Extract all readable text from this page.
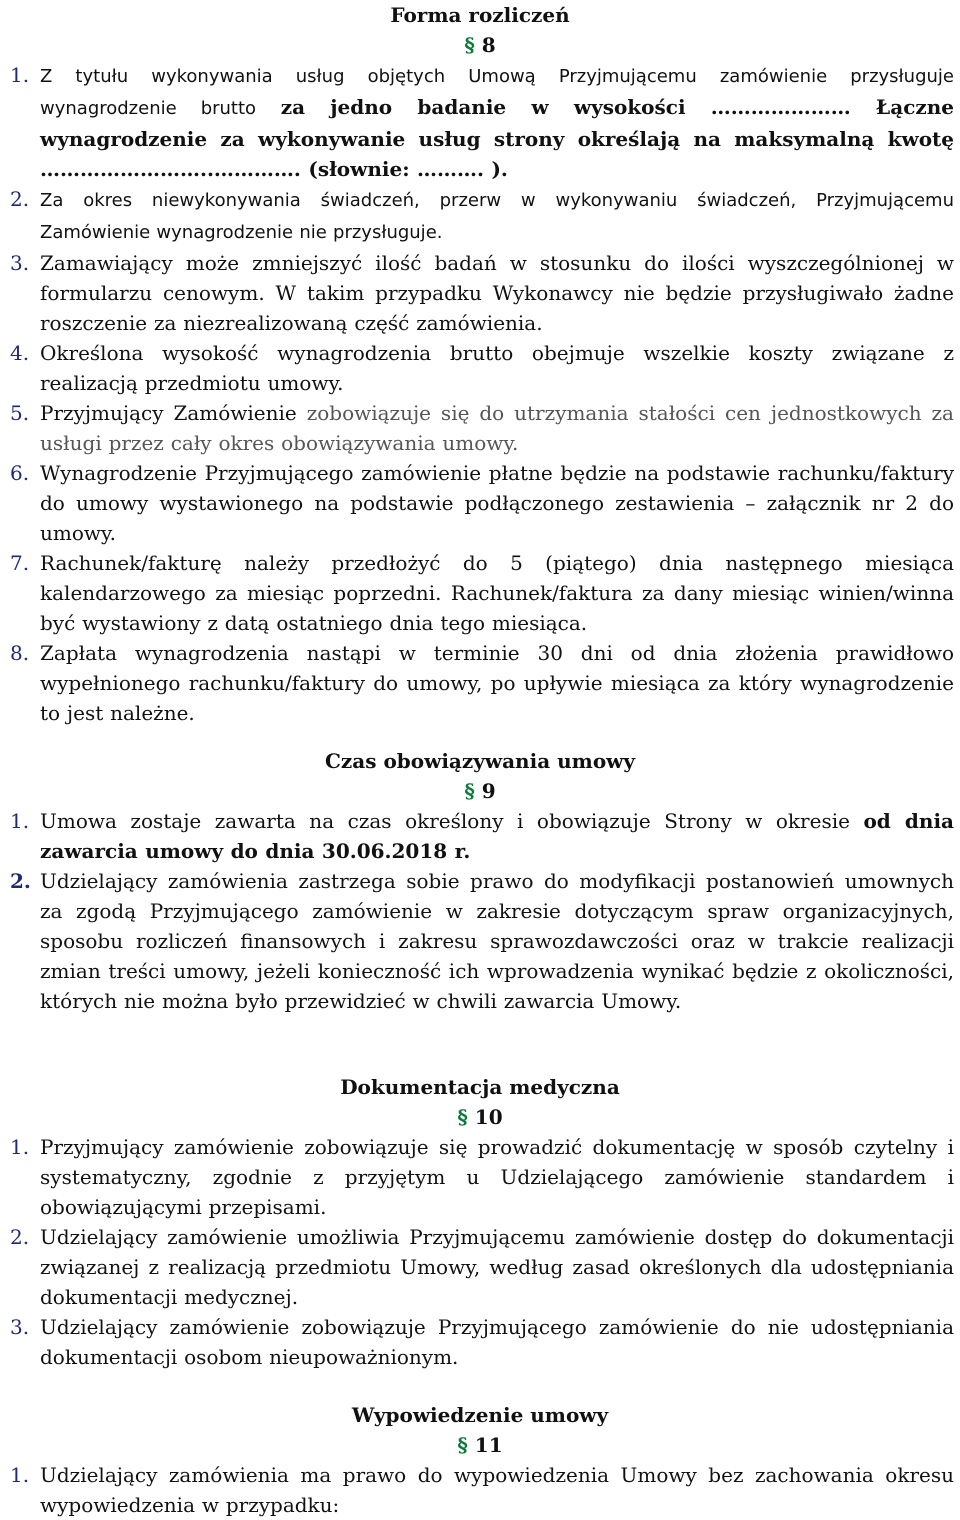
Forma rozliczeń

§ 8

1. Z tytułu wykonywania usług objętych Umową Przyjmującemu zamówienie przysługuje wynagrodzenie brutto za jedno badanie w wysokości ………………… Łączne wynagrodzenie za wykonywanie usług strony określają na maksymalną kwotę ……………………..…………. (słownie: ………. ).
2. Za okres niewykonywania świadczeń, przerw w wykonywaniu świadczeń, Przyjmującemu Zamówienie wynagrodzenie nie przysługuje.
3. Zamawiający może zmniejszyć ilość badań w stosunku do ilości wyszczególnionej w formularzu cenowym. W takim przypadku Wykonawcy nie będzie przysługiwało żadne roszczenie za niezrealizowaną część zamówienia.
4. Określona wysokość wynagrodzenia brutto obejmuje wszelkie koszty związane z realizacją przedmiotu umowy.
5. Przyjmujący Zamówienie zobowiązuje się do utrzymania stałości cen jednostkowych za usługi przez cały okres obowiązywania umowy.
6. Wynagrodzenie Przyjmującego zamówienie płatne będzie na podstawie rachunku/faktury do umowy wystawionego na podstawie podłączonego zestawienia – załącznik nr 2 do umowy.
7. Rachunek/fakturę należy przedłożyć do 5 (piątego) dnia następnego miesiąca kalendarzowego za miesiąc poprzedni. Rachunek/faktura za dany miesiąc winien/winna być wystawiony z datą ostatniego dnia tego miesiąca.
8. Zapłata wynagrodzenia nastąpi w terminie 30 dni od dnia złożenia prawidłowo wypełnionego rachunku/faktury do umowy, po upływie miesiąca za który wynagrodzenie to jest należne.
Czas obowiązywania umowy

§ 9

1. Umowa zostaje zawarta na czas określony i obowiązuje Strony w okresie od dnia zawarcia umowy do dnia 30.06.2018 r.
2. Udzielający zamówienia zastrzega sobie prawo do modyfikacji postanowień umownych za zgodą Przyjmującego zamówienie w zakresie dotyczącym spraw organizacyjnych, sposobu rozliczeń finansowych i zakresu sprawozdawczości oraz w trakcie realizacji zmian treści umowy, jeżeli konieczność ich wprowadzenia wynikać będzie z okoliczności, których nie można było przewidzieć w chwili zawarcia Umowy.
Dokumentacja medyczna

§ 10

1. Przyjmujący zamówienie zobowiązuje się prowadzić dokumentację w sposób czytelny i systematyczny, zgodnie z przyjętym u Udzielającego zamówienie standardem i obowiązującymi przepisami.
2. Udzielający zamówienie umożliwia Przyjmującemu zamówienie dostęp do dokumentacji związanej z realizacją przedmiotu Umowy, według zasad określonych dla udostępniania dokumentacji medycznej.
3. Udzielający zamówienie zobowiązuje Przyjmującego zamówienie do nie udostępniania dokumentacji osobom nieupoważnionym.
Wypowiedzenie umowy

§ 11

1. Udzielający zamówienia ma prawo do wypowiedzenia Umowy bez zachowania okresu wypowiedzenia w przypadku:
